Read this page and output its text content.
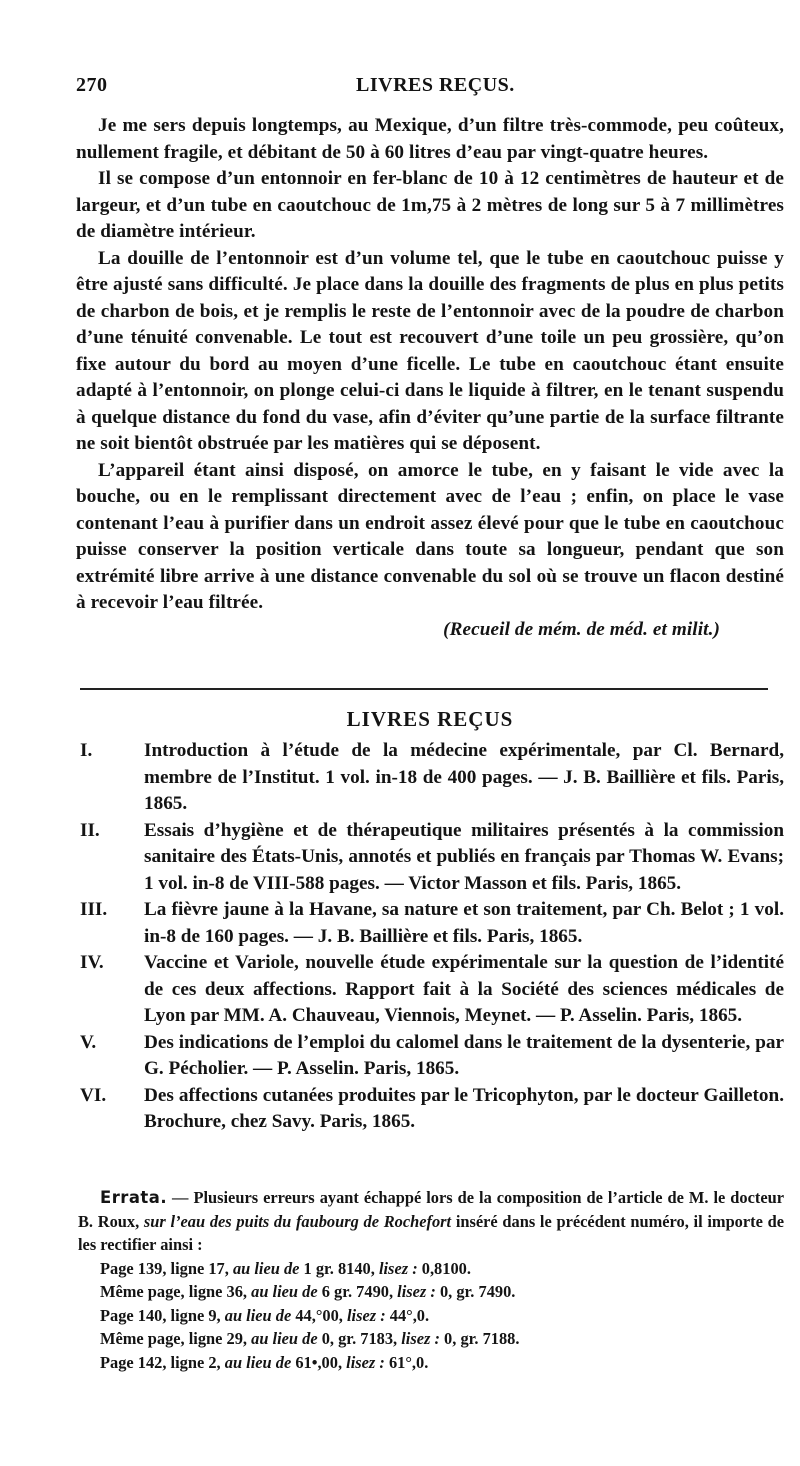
270	LIVRES REÇUS.

Je me sers depuis longtemps, au Mexique, d’un filtre très-commode, peu coûteux, nullement fragile, et débitant de 50 à 60 litres d’eau par vingt-quatre heures.

Il se compose d’un entonnoir en fer-blanc de 10 à 12 centimètres de hauteur et de largeur, et d’un tube en caoutchouc de 1m,75 à 2 mètres de long sur 5 à 7 millimètres de diamètre intérieur.

La douille de l’entonnoir est d’un volume tel, que le tube en caoutchouc puisse y être ajusté sans difficulté. Je place dans la douille des fragments de plus en plus petits de charbon de bois, et je remplis le reste de l’entonnoir avec de la poudre de charbon d’une ténuité convenable. Le tout est recouvert d’une toile un peu grossière, qu’on fixe autour du bord au moyen d’une ficelle. Le tube en caoutchouc étant ensuite adapté à l’entonnoir, on plonge celui-ci dans le liquide à filtrer, en le tenant suspendu à quelque distance du fond du vase, afin d’éviter qu’une partie de la surface filtrante ne soit bientôt obstruée par les matières qui se déposent.

L’appareil étant ainsi disposé, on amorce le tube, en y faisant le vide avec la bouche, ou en le remplissant directement avec de l’eau ; enfin, on place le vase contenant l’eau à purifier dans un endroit assez élevé pour que le tube en caoutchouc puisse conserver la position verticale dans toute sa longueur, pendant que son extrémité libre arrive à une distance convenable du sol où se trouve un flacon destiné à recevoir l’eau filtrée.

(Recueil de mém. de méd. et milit.)

LIVRES REÇUS
I.	Introduction à l’étude de la médecine expérimentale, par Cl. Bernard, membre de l’Institut. 1 vol. in-18 de 400 pages. — J. B. Baillière et fils. Paris, 1865.
II. Essais d’hygiène et de thérapeutique militaires présentés à la commission sanitaire des États-Unis, annotés et publiés en français par Thomas W. Evans; 1 vol. in-8 de VIII-588 pages. — Victor Masson et fils. Paris, 1865.
III. La fièvre jaune à la Havane, sa nature et son traitement, par Ch. Belot ; 1 vol. in-8 de 160 pages. — J. B. Baillière et fils. Paris, 1865.
IV. Vaccine et Variole, nouvelle étude expérimentale sur la question de l’identité de ces deux affections. Rapport fait à la Société des sciences médicales de Lyon par MM. A. Chauveau, Viennois, Meynet. — P. Asselin. Paris, 1865.
V. Des indications de l’emploi du calomel dans le traitement de la dysenterie, par G. Pécholier. — P. Asselin. Paris, 1865.
VI. Des affections cutanées produites par le Tricophyton, par le docteur Gailleton. Brochure, chez Savy. Paris, 1865.
Errata. — Plusieurs erreurs ayant échappé lors de la composition de l’article de M. le docteur B. Roux, sur l’eau des puits du faubourg de Rochefort inséré dans le précédent numéro, il importe de les rectifier ainsi :
Page 139, ligne 17, au lieu de 1 gr. 8140, lisez : 0,8100.
Même page, ligne 36, au lieu de 6 gr. 7490, lisez : 0, gr. 7490.
Page 140, ligne 9, au lieu de 44,°00, lisez : 44°,0.
Même page, ligne 29, au lieu de 0, gr. 7183, lisez : 0, gr. 7188.
Page 142, ligne 2, au lieu de 61•,00, lisez : 61°,0.
